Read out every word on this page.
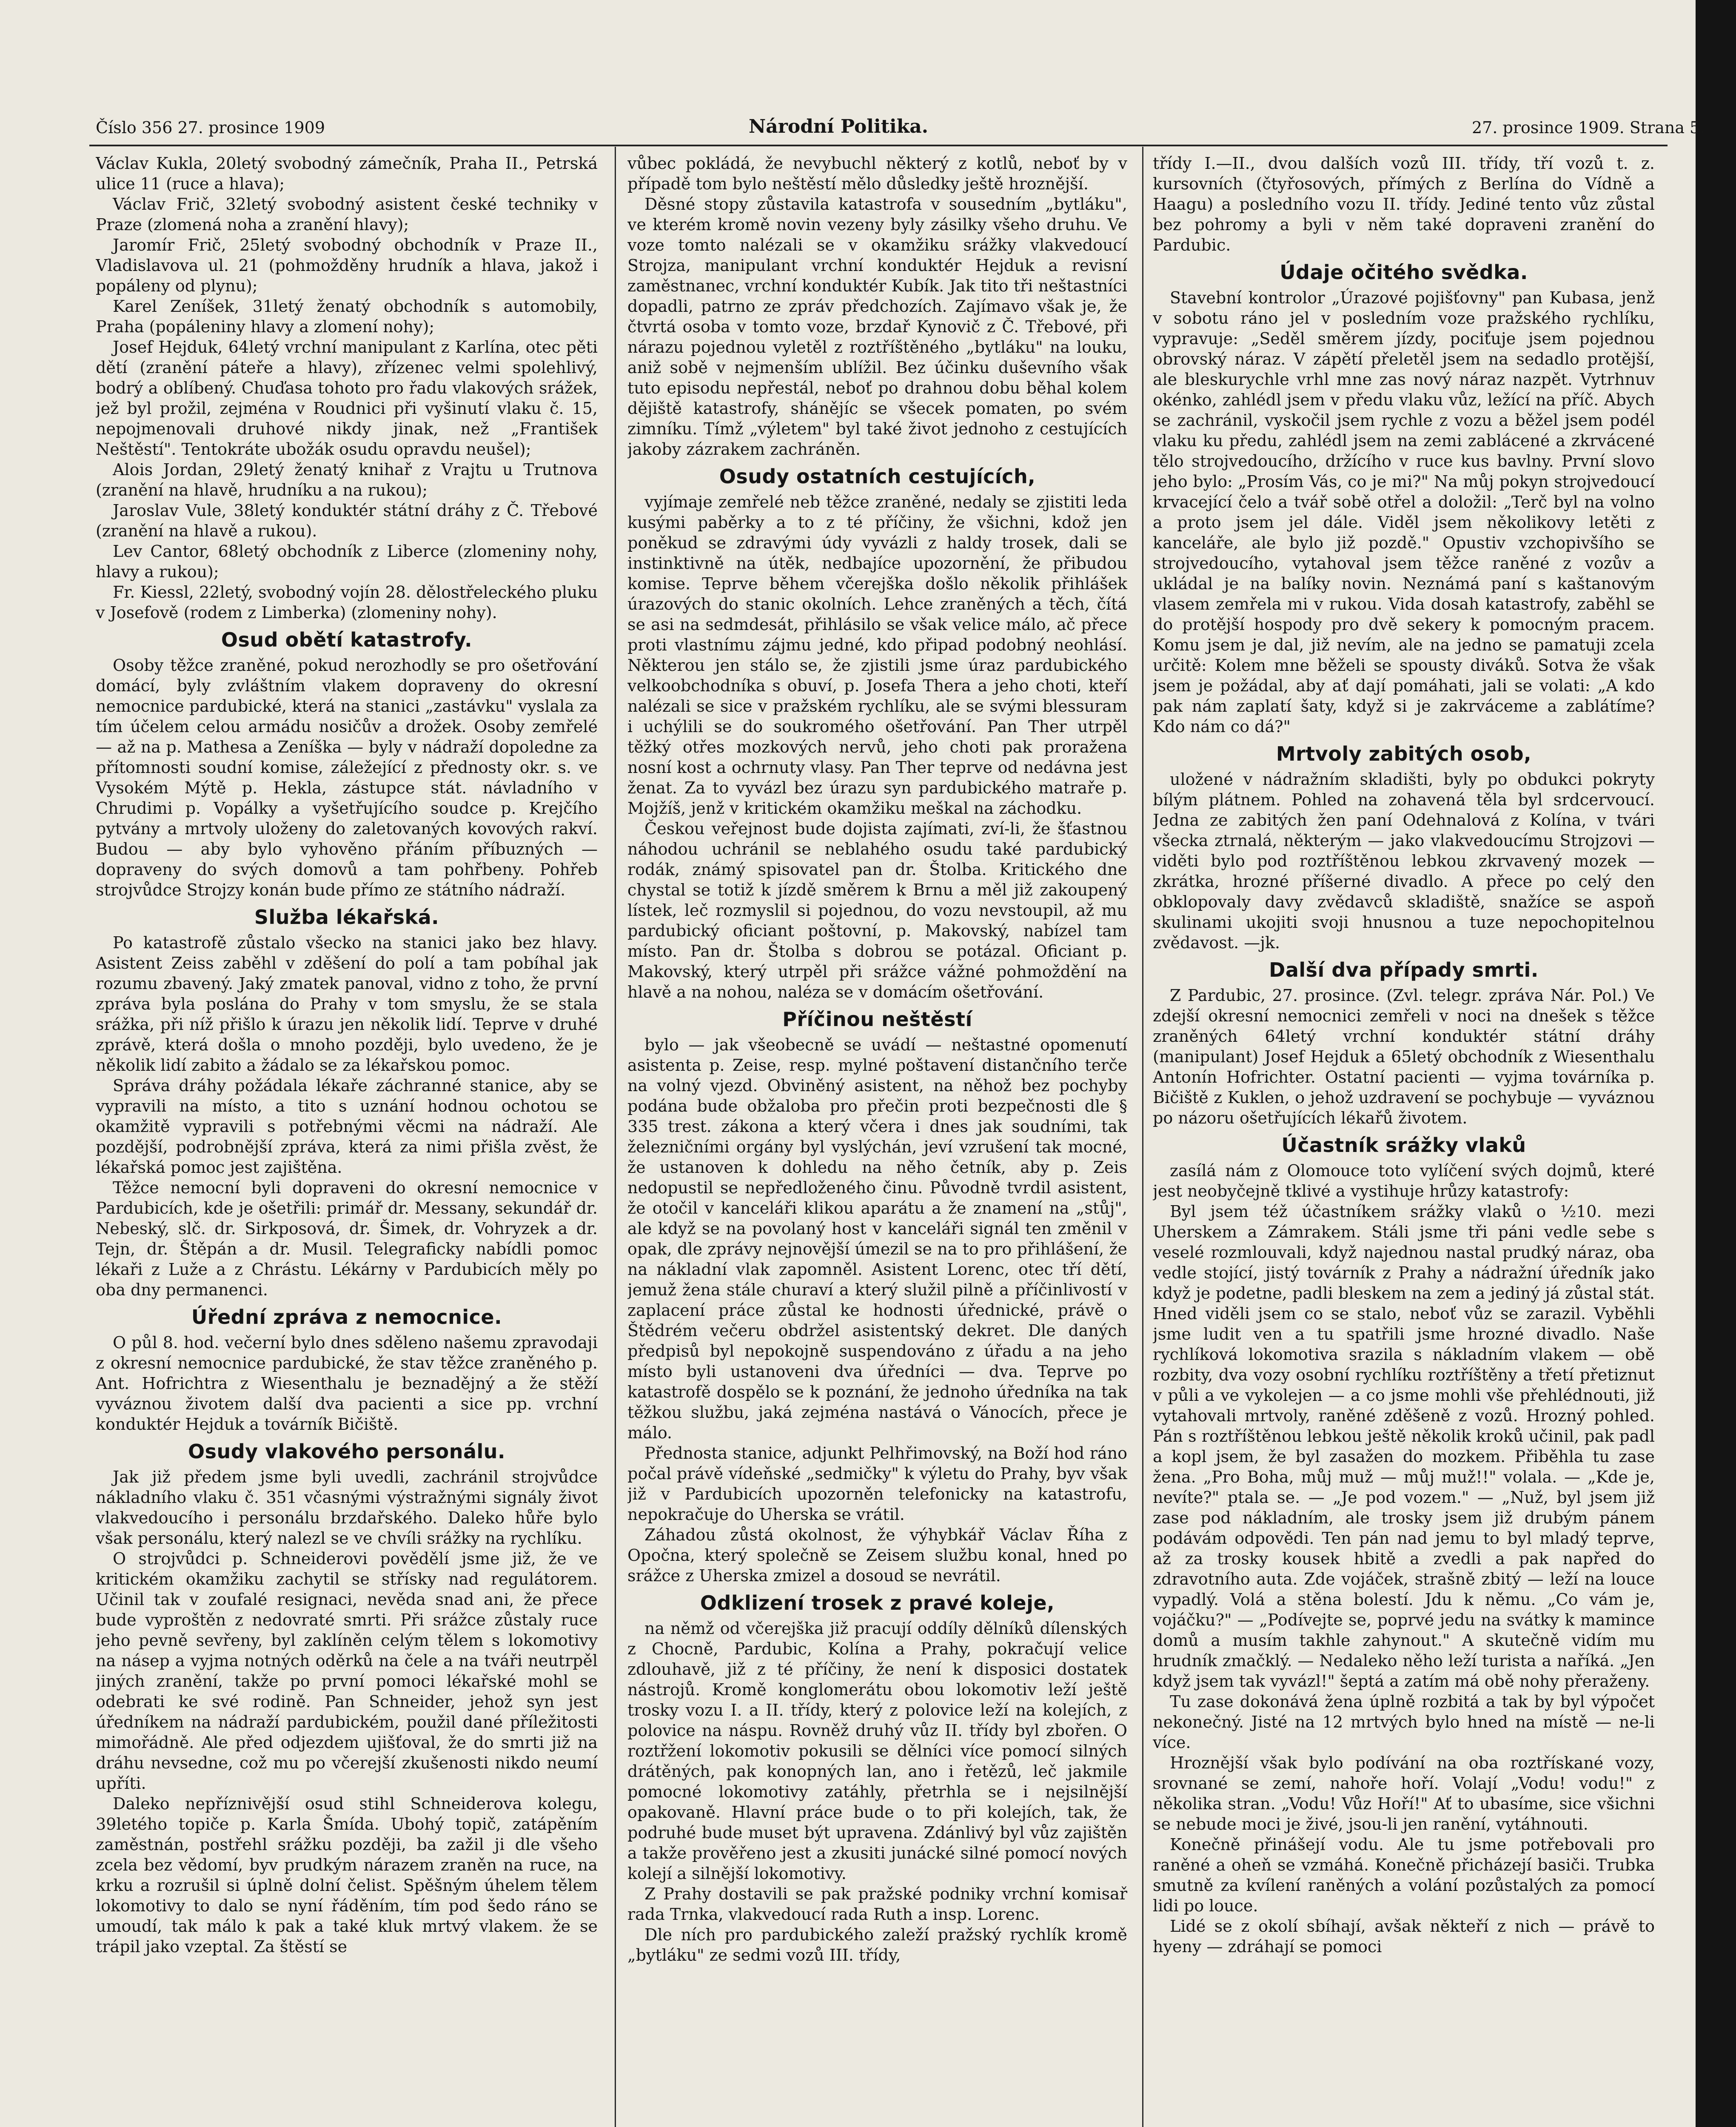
Číslo 356 27. prosince 1909	Národní Politika.	27. prosince 1909. Strana 5.

Václav Kukla, 20letý svobodný zámečník, Praha II., Petrská ulice 11 (ruce a hlava);

Václav Frič, 32letý svobodný asistent české techniky v Praze (zlomená noha a zranění hlavy);

Jaromír Frič, 25letý svobodný obchodník v Praze II., Vladislavova ul. 21 (pohmožděny hrudník a hlava, jakož i popáleny od plynu);

Karel Zeníšek, 31letý ženatý obchodník s automobily, Praha (popáleniny hlavy a zlomení nohy);

Josef Hejduk, 64letý vrchní manipulant z Karlína, otec pěti dětí (zranění páteře a hlavy), zřízenec velmi spolehlivý, bodrý a oblíbený. Chuďasa tohoto pro řadu vlakových srážek, jež byl prožil, zejména v Roudnici při vyšinutí vlaku č. 15, nepojmenovali druhové nikdy jinak, než „František Neštěstí". Tentokráte ubožák osudu opravdu neušel);

Alois Jordan, 29letý ženatý knihař z Vrajtu u Trutnova (zranění na hlavě, hrudníku a na rukou);

Jaroslav Vule, 38letý konduktér státní dráhy z Č. Třebové (zranění na hlavě a rukou).

Lev Cantor, 68letý obchodník z Liberce (zlomeniny nohy, hlavy a rukou);

Fr. Kiessl, 22letý, svobodný vojín 28. dělostřeleckého pluku v Josefově (rodem z Limberka) (zlomeniny nohy).

Osud obětí katastrofy.

Osoby těžce zraněné, pokud nerozhodly se pro ošetřování domácí, byly zvláštním vlakem dopraveny do okresní nemocnice pardubické, která na stanici „zastávku" vyslala za tím účelem celou armádu nosičův a drožek. Osoby zemřelé — až na p. Mathesa a Zeníška — byly v nádraží dopoledne za přítomnosti soudní komise, záležející z přednosty okr. s. ve Vysokém Mýtě p. Hekla, zástupce stát. návladního v Chrudimi p. Vopálky a vyšetřujícího soudce p. Krejčího pytvány a mrtvoly uloženy do zaletovaných kovových rakví. Budou — aby bylo vyhověno přáním příbuzných — dopraveny do svých domovů a tam pohřbeny. Pohřeb strojvůdce Strojzy konán bude přímo ze státního nádraží.

Služba lékařská.

Po katastrofě zůstalo všecko na stanici jako bez hlavy. Asistent Zeiss zaběhl v zděšení do polí a tam pobíhal jak rozumu zbavený. Jaký zmatek panoval, vidno z toho, že první zpráva byla poslána do Prahy v tom smyslu, že se stala srážka, při níž přišlo k úrazu jen několik lidí. Teprve v druhé zprávě, která došla o mnoho později, bylo uvedeno, že je několik lidí zabito a žádalo se za lékařskou pomoc.

Správa dráhy požádala lékaře záchranné stanice, aby se vypravili na místo, a tito s uznání hodnou ochotou se okamžitě vypravili s potřebnými věcmi na nádraží. Ale pozdější, podrobnější zpráva, která za nimi přišla zvěst, že lékařská pomoc jest zajištěna.

Těžce nemocní byli dopraveni do okresní nemocnice v Pardubicích, kde je ošetřili: primář dr. Messany, sekundář dr. Nebeský, slč. dr. Sirkposová, dr. Šimek, dr. Vohryzek a dr. Tejn, dr. Štěpán a dr. Musil. Telegraficky nabídli pomoc lékaři z Luže a z Chrástu. Lékárny v Pardubicích měly po oba dny permanenci.

Úřední zpráva z nemocnice.

O půl 8. hod. večerní bylo dnes sděleno našemu zpravodaji z okresní nemocnice pardubické, že stav těžce zraněného p. Ant. Hofrichtra z Wiesenthalu je beznadějný a že stěží vyváznou životem další dva pacienti a sice pp. vrchní konduktér Hejduk a továrník Bičiště.

Osudy vlakového personálu.

Jak již předem jsme byli uvedli, zachránil strojvůdce nákladního vlaku č. 351 včasnými výstražnými signály život vlakvedoucího i personálu brzdařského. Daleko hůře bylo však personálu, který nalezl se ve chvíli srážky na rychlíku.

O strojvůdci p. Schneiderovi povědělí jsme již, že ve kritickém okamžiku zachytil se střísky nad regulátorem. Učinil tak v zoufalé resignaci, nevěda snad ani, že přece bude vyproštěn z nedovraté smrti. Při srážce zůstaly ruce jeho pevně sevřeny, byl zaklíněn celým tělem s lokomotivy na násep a vyjma notných oděrků na čele a na tváři neutrpěl jiných zranění, takže po první pomoci lékařské mohl se odebrati ke své rodině. Pan Schneider, jehož syn jest úředníkem na nádraží pardubickém, použil dané příležitosti mimořádně. Ale před odjezdem ujišťoval, že do smrti již na dráhu nevsedne, což mu po včerejší zkušenosti nikdo neumí upříti.

Daleko nepříznivější osud stihl Schneiderova kolegu, 39letého topiče p. Karla Šmída. Ubohý topič, zatápěním zaměstnán, postřehl srážku později, ba zažil ji dle všeho zcela bez vědomí, byv prudkým nárazem zraněn na ruce, na krku a rozrušil si úplně dolní čelist. Spěšným úhelem tělem lokomotivy to dalo se nyní řáděním, tím pod šedo ráno se umoudí, tak málo k pak a také kluk mrtvý vlakem. že se trápil jako vzeptal. Za štěstí se

vůbec pokládá, že nevybuchl některý z kotlů, neboť by v případě tom bylo neštěstí mělo důsledky ještě hroznější.

Děsné stopy zůstavila katastrofa v sousedním „bytláku", ve kterém kromě novin vezeny byly zásilky všeho druhu. Ve voze tomto nalézali se v okamžiku srážky vlakvedoucí Strojza, manipulant vrchní konduktér Hejduk a revisní zaměstnanec, vrchní konduktér Kubík. Jak tito tři neštastníci dopadli, patrno ze zpráv předchozích. Zajímavo však je, že čtvrtá osoba v tomto voze, brzdař Kynovič z Č. Třebové, při nárazu pojednou vyletěl z roztříštěného „bytláku" na louku, aniž sobě v nejmenším ublížil. Bez účinku duševního však tuto episodu nepřestál, neboť po drahnou dobu běhal kolem dějiště katastrofy, shánějíc se všecek pomaten, po svém zimníku. Tímž „výletem" byl také život jednoho z cestujících jakoby zázrakem zachráněn.

Osudy ostatních cestujících,

vyjímaje zemřelé neb těžce zraněné, nedaly se zjistiti leda kusými paběrky a to z té příčiny, že všichni, kdož jen poněkud se zdravými údy vyvázli z haldy trosek, dali se instinktivně na útěk, nedbajíce upozornění, že přibudou komise. Teprve během včerejška došlo několik přihlášek úrazových do stanic okolních. Lehce zraněných a těch, čítá se asi na sedmdesát, přihlásilo se však velice málo, ač přece proti vlastnímu zájmu jedné, kdo připad podobný neohlásí. Některou jen stálo se, že zjistili jsme úraz pardubického velkoobchodníka s obuví, p. Josefa Thera a jeho choti, kteří nalézali se sice v pražském rychlíku, ale se svými blessuram i uchýlili se do soukromého ošetřování. Pan Ther utrpěl těžký otřes mozkových nervů, jeho choti pak proražena nosní kost a ochrnuty vlasy. Pan Ther teprve od nedávna jest ženat. Za to vyvázl bez úrazu syn pardubického matraře p. Mojžíš, jenž v kritickém okamžiku meškal na záchodku.

Českou veřejnost bude dojista zajímati, zví-li, že šťastnou náhodou uchránil se neblahého osudu také pardubický rodák, známý spisovatel pan dr. Štolba. Kritického dne chystal se totiž k jízdě směrem k Brnu a měl již zakoupený lístek, leč rozmyslil si pojednou, do vozu nevstoupil, až mu pardubický oficiant poštovní, p. Makovský, nabízel tam místo. Pan dr. Štolba s dobrou se potázal. Oficiant p. Makovský, který utrpěl při srážce vážné pohmoždění na hlavě a na nohou, naléza se v domácím ošetřování.

Příčinou neštěstí

bylo — jak všeobecně se uvádí — neštastné opomenutí asistenta p. Zeise, resp. mylné poštavení distančního terče na volný vjezd. Obviněný asistent, na něhož bez pochyby podána bude obžaloba pro přečin proti bezpečnosti dle § 335 trest. zákona a který včera i dnes jak soudními, tak železničními orgány byl vyslýchán, jeví vzrušení tak mocné, že ustanoven k dohledu na něho četník, aby p. Zeis nedopustil se nepředloženého činu. Původně tvrdil asistent, že otočil v kanceláři klikou aparátu a že znamení na „stůj", ale když se na povolaný host v kanceláři signál ten změnil v opak, dle zprávy nejnovější úmezil se na to pro přihlášení, že na nákladní vlak zapomněl. Asistent Lorenc, otec tří dětí, jemuž žena stále churaví a který služil pilně a příčinlivostí v zaplacení práce zůstal ke hodnosti úřednické, právě o Štědrém večeru obdržel asistentský dekret. Dle daných předpisů byl nepokojně suspendováno z úřadu a na jeho místo byli ustanoveni dva úředníci — dva. Teprve po katastrofě dospělo se k poznání, že jednoho úředníka na tak těžkou službu, jaká zejména nastává o Vánocích, přece je málo.

Přednosta stanice, adjunkt Pelhřimovský, na Boží hod ráno počal právě vídeňské „sedmičky" k výletu do Prahy, byv však již v Pardubicích upozorněn telefonicky na katastrofu, nepokračuje do Uherska se vrátil.

Záhadou zůstá okolnost, že výhybkář Václav Říha z Opočna, který společně se Zeisem službu konal, hned po srážce z Uherska zmizel a dosoud se nevrátil.

Odklizení trosek z pravé koleje,

na němž od včerejška již pracují oddíly dělníků dílenských z Chocně, Pardubic, Kolína a Prahy, pokračují velice zdlouhavě, již z té příčiny, že není k disposici dostatek nástrojů. Kromě konglomerátu obou lokomotiv leží ještě trosky vozu I. a II. třídy, který z polovice leží na kolejích, z polovice na náspu. Rovněž druhý vůz II. třídy byl zbořen. O roztřžení lokomotiv pokusili se dělníci více pomocí silných drátěných, pak konopných lan, ano i řetězů, leč jakmile pomocné lokomotivy zatáhly, přetrhla se i nejsilnější opakovaně. Hlavní práce bude o to při kolejích, tak, že podruhé bude muset být upravena. Zdánlivý byl vůz zajištěn a takže prověřeno jest a zkusiti junácké silné pomocí nových kolejí a silnější lokomotivy.

Z Prahy dostavili se pak pražské podniky vrchní komisař rada Trnka, vlakvedoucí rada Ruth a insp. Lorenc.

Dle ních pro pardubického zaleží pražský rychlík kromě „bytláku" ze sedmi vozů III. třídy,

třídy I.—II., dvou dalších vozů III. třídy, tří vozů t. z. kursovních (čtyřosových, přímých z Berlína do Vídně a Haagu) a posledního vozu II. třídy. Jediné tento vůz zůstal bez pohromy a byli v něm také dopraveni zranění do Pardubic.

Údaje očitého svědka.

Stavební kontrolor „Úrazové pojišťovny" pan Kubasa, jenž v sobotu ráno jel v posledním voze pražského rychlíku, vypravuje: „Seděl směrem jízdy, pociťuje jsem pojednou obrovský náraz. V zápětí přeletěl jsem na sedadlo protější, ale bleskurychle vrhl mne zas nový náraz nazpět. Vytrhnuv okénko, zahlédl jsem v předu vlaku vůz, ležící na příč. Abych se zachránil, vyskočil jsem rychle z vozu a běžel jsem podél vlaku ku předu, zahlédl jsem na zemi zablácené a zkrvácené tělo strojvedoucího, držícího v ruce kus bavlny. První slovo jeho bylo: „Prosím Vás, co je mi?" Na můj pokyn strojvedoucí krvacející čelo a tvář sobě otřel a doložil: „Terč byl na volno a proto jsem jel dále. Viděl jsem několikovy letěti z kanceláře, ale bylo již pozdě." Opustiv vzchopivšího se strojvedoucího, vytahoval jsem těžce raněné z vozův a ukládal je na balíky novin. Neznámá paní s kaštanovým vlasem zemřela mi v rukou. Vida dosah katastrofy, zaběhl se do protější hospody pro dvě sekery k pomocným pracem. Komu jsem je dal, již nevím, ale na jedno se pamatuji zcela určitě: Kolem mne běželi se spousty diváků. Sotva že však jsem je požádal, aby ať dají pomáhati, jali se volati: „A kdo pak nám zaplatí šaty, když si je zakrváceme a zablátíme? Kdo nám co dá?"

Mrtvoly zabitých osob,

uložené v nádražním skladišti, byly po obdukci pokryty bílým plátnem. Pohled na zohavená těla byl srdcervoucí. Jedna ze zabitých žen paní Odehnalová z Kolína, v tvári všecka ztrnalá, některým — jako vlakvedoucímu Strojzovi — viděti bylo pod roztříštěnou lebkou zkrvavený mozek — zkrátka, hrozné příšerné divadlo. A přece po celý den obklopovaly davy zvědavců skladiště, snažíce se aspoň skulinami ukojiti svoji hnusnou a tuze nepochopitelnou zvědavost. —jk.

Další dva případy smrti.

Z Pardubic, 27. prosince. (Zvl. telegr. zpráva Nár. Pol.) Ve zdejší okresní nemocnici zemřeli v noci na dnešek s těžce zraněných 64letý vrchní konduktér státní dráhy (manipulant) Josef Hejduk a 65letý obchodník z Wiesenthalu Antonín Hofrichter. Ostatní pacienti — vyjma továrníka p. Bičiště z Kuklen, o jehož uzdravení se pochybuje — vyváznou po názoru ošetřujících lékařů životem.

Účastník srážky vlaků

zasílá nám z Olomouce toto vylíčení svých dojmů, které jest neobyčejně tklivé a vystihuje hrůzy katastrofy:

Byl jsem též účastníkem srážky vlaků o ½10. mezi Uherskem a Zámrakem. Stáli jsme tři páni vedle sebe s veselé rozmlouvali, když najednou nastal prudký náraz, oba vedle stojící, jistý továrník z Prahy a nádražní úředník jako když je podetne, padli bleskem na zem a jediný já zůstal stát. Hned viděli jsem co se stalo, neboť vůz se zarazil. Vyběhli jsme ludit ven a tu spatřili jsme hrozné divadlo. Naše rychlíková lokomotiva srazila s nákladním vlakem — obě rozbity, dva vozy osobní rychlíku roztříštěny a třetí přetiznut v půli a ve vykolejen — a co jsme mohli vše přehlédnouti, již vytahovali mrtvoly, raněné zděšeně z vozů. Hrozný pohled. Pán s roztříštěnou lebkou ještě několik kroků učinil, pak padl a kopl jsem, že byl zasažen do mozkem. Přiběhla tu zase žena. „Pro Boha, můj muž — můj muž!!" volala. — „Kde je, nevíte?" ptala se. — „Je pod vozem." — „Nuž, byl jsem již zase pod nákladním, ale trosky jsem již drubým pánem podávám odpovědi. Ten pán nad jemu to byl mladý teprve, až za trosky kousek hbitě a zvedli a pak napřed do zdravotního auta. Zde vojáček, strašně zbitý — leží na louce vypadlý. Volá a stěna bolestí. Jdu k němu. „Co vám je, vojáčku?" — „Podívejte se, poprvé jedu na svátky k mamince domů a musím takhle zahynout." A skutečně vidím mu hrudník zmačklý. — Nedaleko něho leží turista a naříká. „Jen když jsem tak vyvázl!" šeptá a zatím má obě nohy přeraženy.

Tu zase dokonává žena úplně rozbitá a tak by byl výpočet nekonečný. Jisté na 12 mrtvých bylo hned na místě — ne-li více.

Hroznější však bylo podívání na oba roztřískané vozy, srovnané se zemí, nahoře hoří. Volají „Vodu! vodu!" z několika stran. „Vodu! Vůz Hoří!" Ať to ubasíme, sice všichni se nebude moci je živé, jsou-li jen ranění, vytáhnouti.

Konečně přinášejí vodu. Ale tu jsme potřebovali pro raněné a oheň se vzmáhá. Konečně přicházejí basiči. Trubka smutně za kvílení raněných a volání pozůstalých za pomocí lidi po louce.

Lidé se z okolí sbíhají, avšak někteří z nich — právě to hyeny — zdráhají se pomoci
